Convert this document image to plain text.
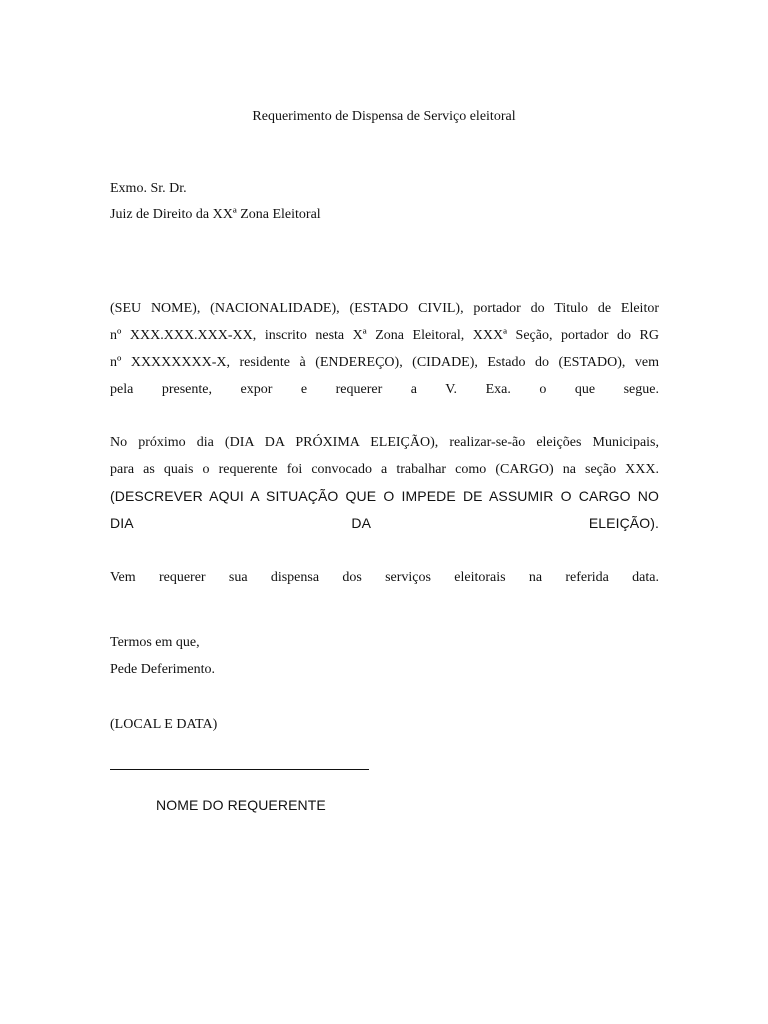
Requerimento de Dispensa de Serviço eleitoral
Exmo. Sr. Dr.
Juiz de Direito da XXª Zona Eleitoral
(SEU NOME), (NACIONALIDADE), (ESTADO CIVIL), portador do Titulo de Eleitor
nº XXX.XXX.XXX-XX, inscrito nesta Xª Zona Eleitoral, XXXª Seção, portador do RG
nº XXXXXXXX-X, residente à (ENDEREÇO), (CIDADE), Estado do (ESTADO), vem
pela presente, expor e requerer a V. Exa. o que segue.
No próximo dia (DIA DA PRÓXIMA ELEIÇÃO), realizar-se-ão eleições Municipais,
para as quais o requerente foi convocado a trabalhar como (CARGO) na seção XXX.
(DESCREVER AQUI A SITUAÇÃO QUE O IMPEDE DE ASSUMIR O CARGO NO
DIA DA ELEIÇÃO).
Vem requerer sua dispensa dos serviços eleitorais na referida data.
Termos em que,
Pede Deferimento.
(LOCAL E DATA)
NOME DO REQUERENTE
